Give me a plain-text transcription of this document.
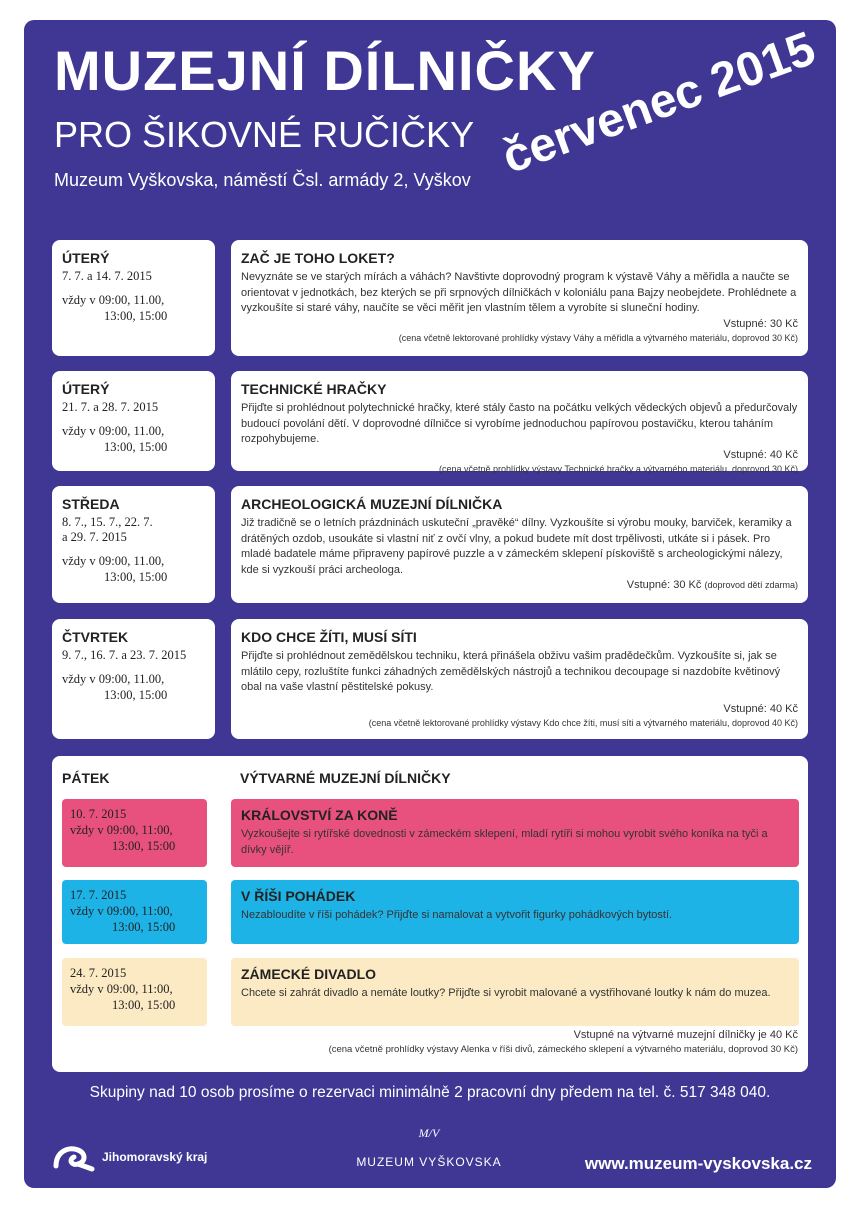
MUZEJNÍ DÍLNIČKY
PRO ŠIKOVNÉ RUČIČKY
Muzeum Vyškovska, náměstí Čsl. armády 2, Vyškov červenec 2015
ÚTERÝ
7. 7. a 14. 7. 2015
vždy v 09:00, 11.00,
13:00, 15:00
ZAČ JE TOHO LOKET?
Nevyznáte se ve starých mírách a váhách? Navštivte doprovodný program k výstavě Váhy a měřidla a naučte se orientovat v jednotkách, bez kterých se při srpnových dílničkách v koloniálu pana Bajzy neobejdete. Prohlédnete a vyzkoušíte si staré váhy, naučíte se věci měřit jen vlastním tělem a vyrobíte si sluneční hodiny.
Vstupné: 30 Kč
(cena včetně lektorované prohlídky výstavy Váhy a měřidla a výtvarného materiálu, doprovod 30 Kč)
ÚTERÝ
21. 7. a 28. 7. 2015
vždy v 09:00, 11.00,
13:00, 15:00
TECHNICKÉ HRAČKY
Přijďte si prohlédnout polytechnické hračky, které stály často na počátku velkých vědeckých objevů a předurčovaly budoucí povolání dětí. V doprovodné dílničce si vyrobíme jednoduchou papírovou postavičku, kterou taháním rozpohybujeme.
Vstupné: 40 Kč
(cena včetně prohlídky výstavy Technické hračky a výtvarného materiálu, doprovod 30 Kč)
STŘEDA
8. 7., 15. 7., 22. 7.
a 29. 7. 2015
vždy v 09:00, 11.00,
13:00, 15:00
ARCHEOLOGICKÁ MUZEJNÍ DÍLNIČKA
Již tradičně se o letních prázdninách uskuteční „pravěké“ dílny. Vyzkoušíte si výrobu mouky, barviček, keramiky a drátěných ozdob, usoukáte si vlastní niť z ovčí vlny, a pokud budete mít dost trpělivosti, utkáte si i pásek. Pro mladé badatele máme připraveny papírové puzzle a v zámeckém sklepení pískoviště s archeologickými nálezy, kde si vyzkouší práci archeologa.
Vstupné: 30 Kč (doprovod dětí zdarma)
ČTVRTEK
9. 7., 16. 7. a 23. 7. 2015
vždy v 09:00, 11.00,
13:00, 15:00
KDO CHCE ŽÍTI, MUSÍ SÍTI
Přijďte si prohlédnout zemědělskou techniku, která přinášela obživu vašim pradědečkům. Vyzkoušíte si, jak se mlátilo cepy, rozluštíte funkci záhadných zemědělských nástrojů a technikou decoupage si nazdobíte květinový obal na vaše vlastní pěstitelské pokusy.
Vstupné: 40 Kč
(cena včetně lektorované prohlídky výstavy Kdo chce žíti, musí síti a výtvarného materiálu, doprovod 40 Kč)
PÁTEK	VÝTVARNÉ MUZEJNÍ DÍLNIČKY
10. 7. 2015
vždy v 09:00, 11:00,
13:00, 15:00
KRÁLOVSTVÍ ZA KONĚ
Vyzkoušejte si rytířské dovednosti v zámeckém sklepení, mladí rytíři si mohou vyrobit svého koníka na tyči a dívky vějíř.
17. 7. 2015
vždy v 09:00, 11:00,
13:00, 15:00
V ŘÍŠI POHÁDEK
Nezabloudíte v říši pohádek? Přijďte si namalovat a vytvořit figurky pohádkových bytostí.
24. 7. 2015
vždy v 09:00, 11:00,
13:00, 15:00
ZÁMECKÉ DIVADLO
Chcete si zahrát divadlo a nemáte loutky? Přijďte si vyrobit malované a vystřihované loutky k nám do muzea.
Vstupné na výtvarné muzejní dílničky je 40 Kč
(cena včetně prohlídky výstavy Alenka v říši divů, zámeckého sklepení a výtvarného materiálu, doprovod 30 Kč)
Skupiny nad 10 osob prosíme o rezervaci minimálně 2 pracovní dny předem na tel. č. 517 348 040.
Jihomoravský kraj
M/V
MUZEUM VYŠKOVSKA	www.muzeum-vyskovska.cz
